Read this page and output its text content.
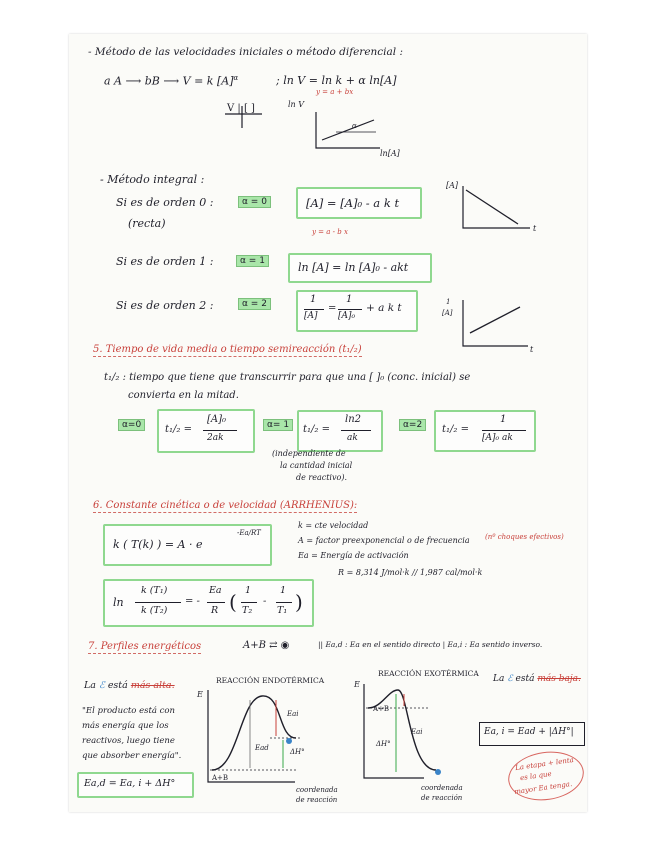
- Método de las velocidades iniciales o método diferencial :
a A ⟶ bB ⟶ V = k $[A]^\alpha$	; ln V = ln k + α ln[A]
y = a + bx
V | [ ]	ln V
ln[A]
α
- Método integral :
Si es de orden 0 :	α = 0
(recta)
[A] = [A]₀ - a k t
y = a - b x
Si es de orden 1 :	α = 1	ln [A] = ln [A]₀ - akt
Si es de orden 2 :	α = 2	1
[A]
=
1
[A]₀
+ a k t
[A]
t
1
[A]
t
5. Tiempo de vida media o tiempo semireacción (t₁/₂)
t₁/₂ : tiempo que tiene que transcurrir para que una [ ]₀ (conc. inicial) se
convierta en la mitad.
α=0	t₁/₂ =
[A]₀
2ak
α= 1	t₁/₂ =
ln2
ak
(independiente de
la cantidad inicial
de reactivo).
α=2	t₁/₂ =
1
[A]₀ ak
6. Constante cinética o de velocidad (ARRHENIUS):
k ( T(k) ) = A · e
-Ea/RT
k = cte velocidad
A = factor preexponencial o de frecuencia (nº choques efectivos)
Ea = Energía de activación
R = 8,314 J/mol·k // 1,987 cal/mol·k
ln
k (T₁)
k (T₂)
= -
Ea
R ( 1
T₂
-
1
T₁ )
7. Perfiles energéticos	A+B ⇄ ◉	|| Ea,d : Ea en el sentido directo | Ea,i : Ea sentido inverso.
La ℰ está más alta.
"El producto está con
más energía que los
reactivos, luego tiene
que absorber energía".
Ea,d = Ea, i + ΔH°
REACCIÓN ENDOTÉRMICA
REACCIÓN EXOTÉRMICA
La ℰ está más baja.
Ea, i = Ead + |ΔH°|
La etapa + lenta
es la que
mayor Ea tenga.
E
A+B
Ead
Eai
ΔH°
coordenada
de reacción
E
A+B
ΔH°
Eai
coordenada
de reacción
